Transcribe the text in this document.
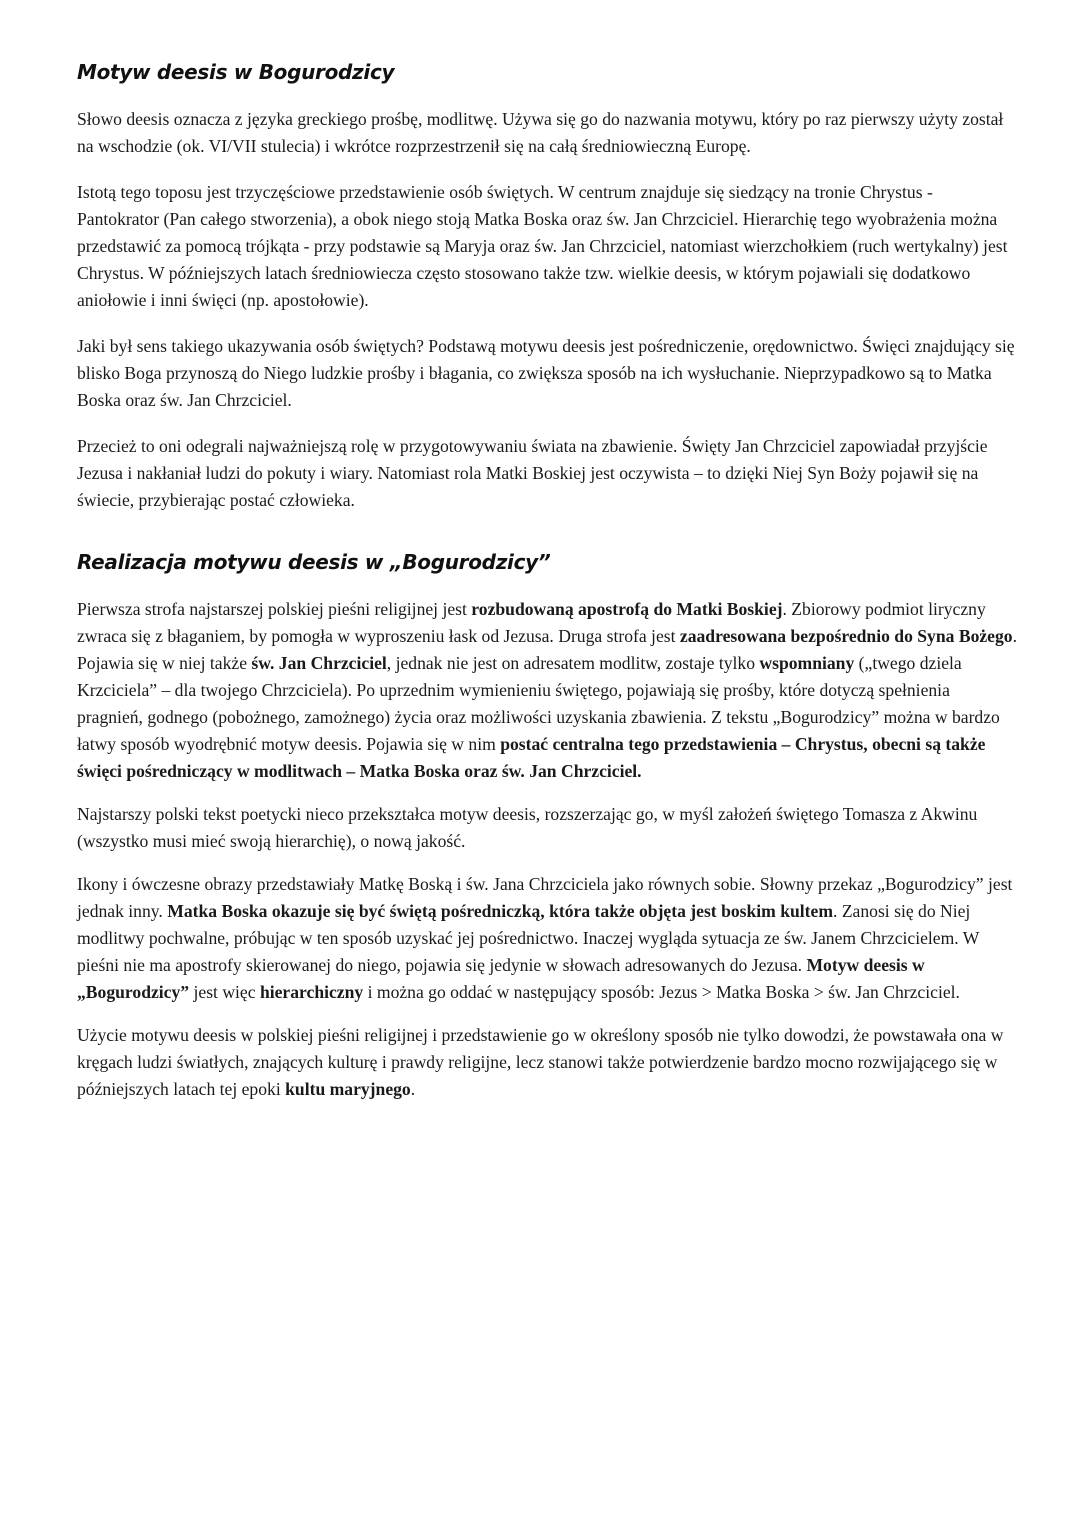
Motyw deesis w Bogurodzicy

Słowo deesis oznacza z języka greckiego prośbę, modlitwę. Używa się go do nazwania motywu, który po raz pierwszy użyty został na wschodzie (ok. VI/VII stulecia) i wkrótce rozprzestrzenił się na całą średniowieczną Europę.

Istotą tego toposu jest trzyczęściowe przedstawienie osób świętych. W centrum znajduje się siedzący na tronie Chrystus - Pantokrator (Pan całego stworzenia), a obok niego stoją Matka Boska oraz św. Jan Chrzciciel. Hierarchię tego wyobrażenia można przedstawić za pomocą trójkąta - przy podstawie są Maryja oraz św. Jan Chrzciciel, natomiast wierzchołkiem (ruch wertykalny) jest Chrystus. W późniejszych latach średniowiecza często stosowano także tzw. wielkie deesis, w którym pojawiali się dodatkowo aniołowie i inni święci (np. apostołowie).

Jaki był sens takiego ukazywania osób świętych? Podstawą motywu deesis jest pośredniczenie, orędownictwo. Święci znajdujący się blisko Boga przynoszą do Niego ludzkie prośby i błagania, co zwiększa sposób na ich wysłuchanie. Nieprzypadkowo są to Matka Boska oraz św. Jan Chrzciciel.

Przecież to oni odegrali najważniejszą rolę w przygotowywaniu świata na zbawienie. Święty Jan Chrzciciel zapowiadał przyjście Jezusa i nakłaniał ludzi do pokuty i wiary. Natomiast rola Matki Boskiej jest oczywista – to dzięki Niej Syn Boży pojawił się na świecie, przybierając postać człowieka.

Realizacja motywu deesis w „Bogurodzicy”

Pierwsza strofa najstarszej polskiej pieśni religijnej jest rozbudowaną apostrofą do Matki Boskiej. Zbiorowy podmiot liryczny zwraca się z błaganiem, by pomogła w wyproszeniu łask od Jezusa. Druga strofa jest zaadresowana bezpośrednio do Syna Bożego. Pojawia się w niej także św. Jan Chrzciciel, jednak nie jest on adresatem modlitw, zostaje tylko wspomniany („twego dziela Krzciciela” – dla twojego Chrzciciela). Po uprzednim wymienieniu świętego, pojawiają się prośby, które dotyczą spełnienia pragnień, godnego (pobożnego, zamożnego) życia oraz możliwości uzyskania zbawienia. Z tekstu „Bogurodzicy” można w bardzo łatwy sposób wyodrębnić motyw deesis. Pojawia się w nim postać centralna tego przedstawienia – Chrystus, obecni są także święci pośredniczący w modlitwach – Matka Boska oraz św. Jan Chrzciciel.

Najstarszy polski tekst poetycki nieco przekształca motyw deesis, rozszerzając go, w myśl założeń świętego Tomasza z Akwinu (wszystko musi mieć swoją hierarchię), o nową jakość.

Ikony i ówczesne obrazy przedstawiały Matkę Boską i św. Jana Chrzciciela jako równych sobie. Słowny przekaz „Bogurodzicy” jest jednak inny. Matka Boska okazuje się być świętą pośredniczką, która także objęta jest boskim kultem. Zanosi się do Niej modlitwy pochwalne, próbując w ten sposób uzyskać jej pośrednictwo. Inaczej wygląda sytuacja ze św. Janem Chrzcicielem. W pieśni nie ma apostrofy skierowanej do niego, pojawia się jedynie w słowach adresowanych do Jezusa. Motyw deesis w „Bogurodzicy” jest więc hierarchiczny i można go oddać w następujący sposób: Jezus > Matka Boska > św. Jan Chrzciciel.

Użycie motywu deesis w polskiej pieśni religijnej i przedstawienie go w określony sposób nie tylko dowodzi, że powstawała ona w kręgach ludzi światłych, znających kulturę i prawdy religijne, lecz stanowi także potwierdzenie bardzo mocno rozwijającego się w późniejszych latach tej epoki kultu maryjnego.
